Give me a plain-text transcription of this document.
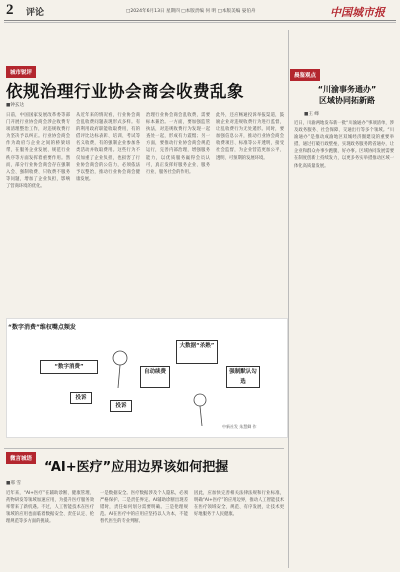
2 评论	□2024年6月13日 星期四 □本版责编 何 明 □本版美编 晏伯舟	中国城市报
城市锐评
依规治理行业协会商会收费乱象
■钟玄达
日前，中国国家发展改革委等部门开展行业协会商会涉企收费专项清理整治工作，对违规收费行为坚决予以纠正。行业协会商会作为政府与企业之间的桥梁纽带，在服务企业发展、规范行业秩序等方面发挥着重要作用。然而，部分行业协会商会存在强制入会、强制收费、只收费不服务等问题，增加了企业负担，影响了营商环境的优化。
从近年来的情况看，行业协会商会乱收费问题表现形式多样。有的利用政府职能收取费用，有的借评比达标表彰、培训、考试等名义收费，有的强制企业参加各类活动并收取费用。这些行为不仅加重了企业负担，也损害了行业协会商会的公信力，必须依法予以整治，推动行业协会商会健康发展。
治理行业协会商会乱收费，需要标本兼治。一方面，要加强监管执法，对违规收费行为发现一起查处一起，形成有力震慑；另一方面，要推动行业协会商会规范运行，完善内部治理，增强服务能力，以优质服务赢得会员认可，真正发挥好服务企业、服务行业、服务社会的作用。
此外，还应畅通投诉举报渠道，鼓励企业对违规收费行为进行监督，让乱收费行为无处遁形。同时，要加强信息公开，推动行业协会商会收费项目、标准等公开透明，接受社会监督，为企业营造更加公平、透明、可预期的发展环境。
“数字消费”维权嘴点频发
大数据“杀熟”
“数字消费”
自动续费	强制默认勾选
投诉
投诉
中新社发 朱慧卿 作
晨鉴观点
“川渝事务通办”
区域协同拓新路
■王 峰
近日，川渝两地发布新一批“川渝通办”事项清单，涉及政务服务、社会保障、交通出行等多个领域。“川渝通办”是推动成渝地区双城经济圈建设的重要举措，通过打破行政壁垒，实现政务服务跨省通办，让企业和群众办事少跑腿、好办事。区域协同发展需要在制度创新上持续发力，以更多务实举措推动区域一体化高质量发展。
微言城语
“AI+医疗”应用边界该如何把握
■邢 雪
近年来，“AI+医疗”在辅助诊断、健康管理、药物研发等领域加速应用，为提升医疗服务效率带来了新机遇。不过，人工智能技术在医疗领域的应用也面临着数据安全、责任认定、伦理规范等多方面的挑战。
一是数据安全。医疗数据涉及个人隐私，必须严格保护。二是责任界定。AI辅助诊断出现差错时，责任如何划分需要明确。三是伦理规范。AI在医疗中的应用应坚持以人为本，不能替代医生的专业判断。
因此，应加快完善相关法律法规和行业标准，明确“AI+医疗”的应用边界，推动人工智能技术在医疗领域安全、规范、有序发展，让技术更好地服务于人民健康。
